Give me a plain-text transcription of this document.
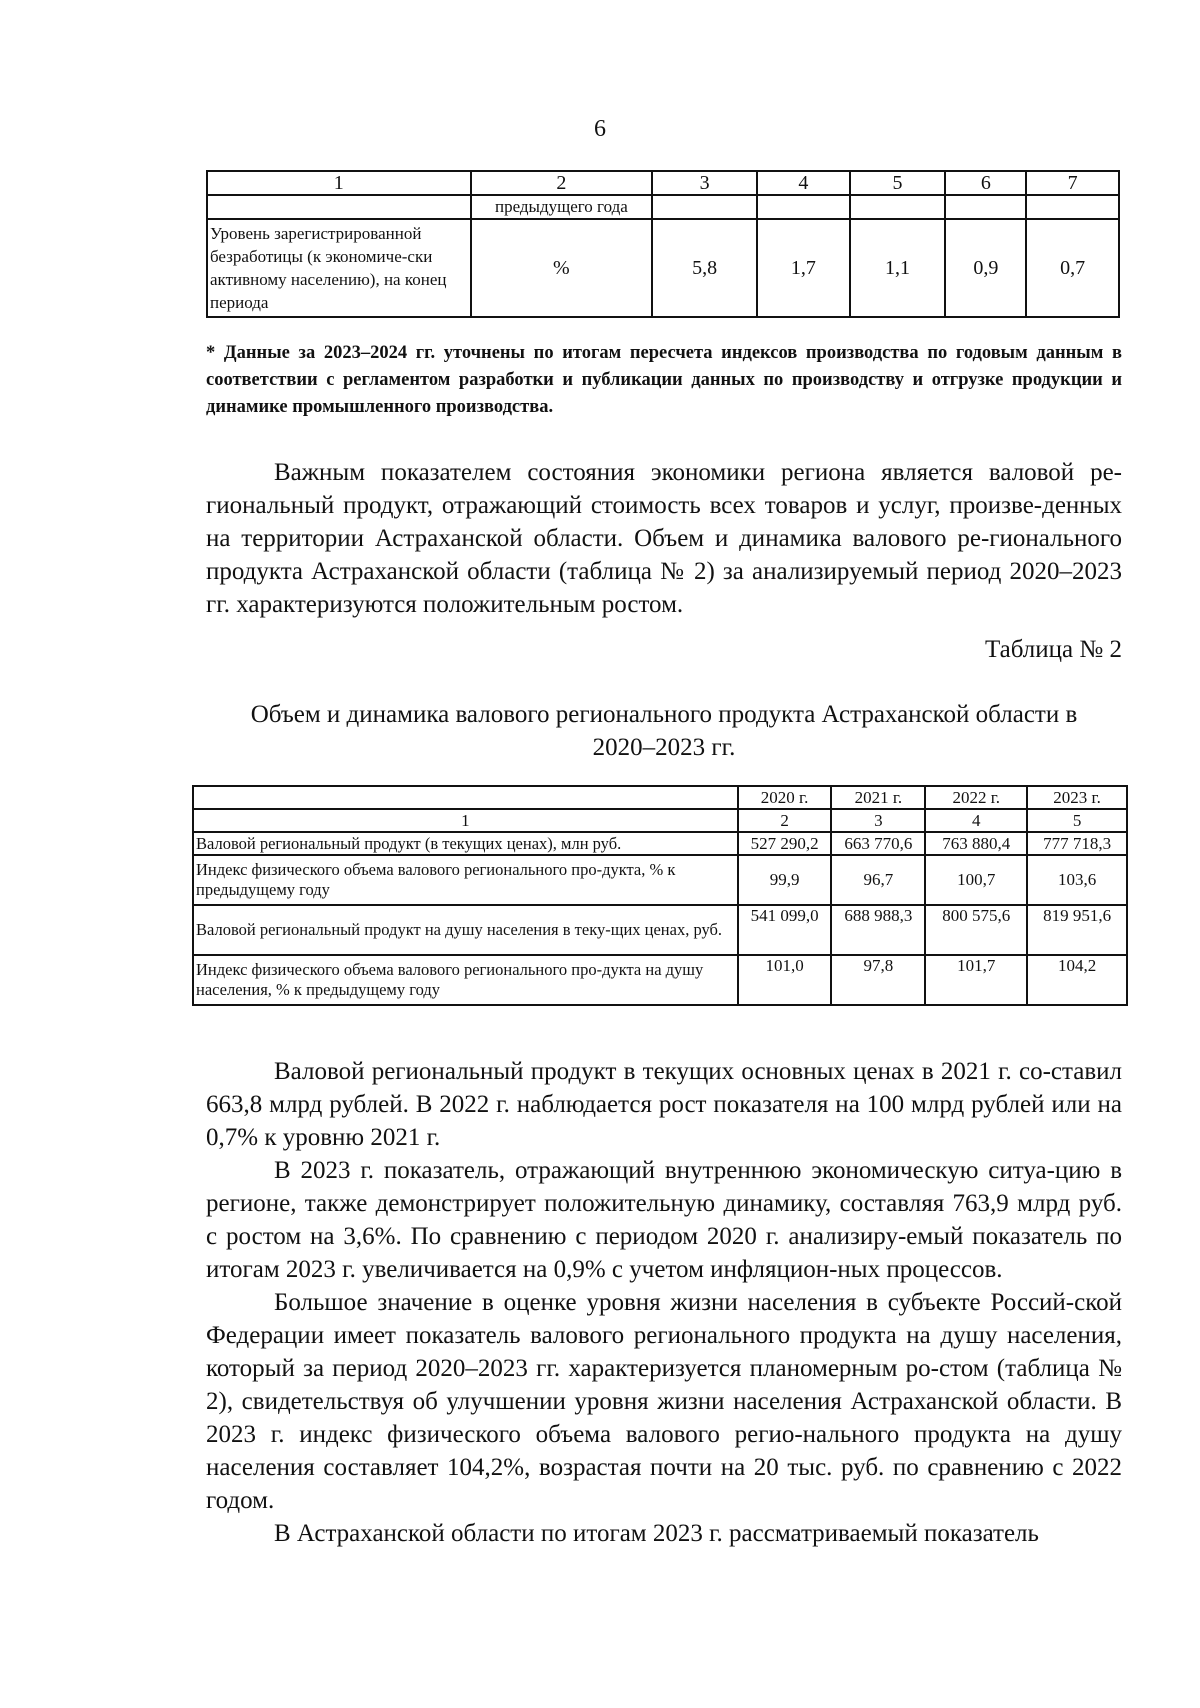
6
1	2	3	4	5	6	7
	предыдущего года					
Уровень зарегистрированной безработицы (к экономиче-ски активному населению), на конец периода	%	5,8	1,7	1,1	0,9	0,7
* Данные за 2023–2024 гг. уточнены по итогам пересчета индексов производства по годовым данным в соответствии с регламентом разработки и публикации данных по производству и отгрузке продукции и динамике промышленного производства.

Важным показателем состояния экономики региона является валовой ре-гиональный продукт, отражающий стоимость всех товаров и услуг, произве-денных на территории Астраханской области. Объем и динамика валового ре-гионального продукта Астраханской области (таблица № 2) за анализируемый период 2020–2023 гг. характеризуются положительным ростом.

Таблица № 2
Объем и динамика валового регионального продукта Астраханской области в
2020–2023 гг.
	2020 г.	2021 г.	2022 г.	2023 г.
1	2	3	4	5
Валовой региональный продукт (в текущих ценах), млн руб.	527 290,2	663 770,6	763 880,4	777 718,3
Индекс физического объема валового регионального про-дукта, % к предыдущему году	99,9	96,7	100,7	103,6
Валовой региональный продукт на душу населения в теку-щих ценах, руб.	541 099,0	688 988,3	800 575,6	819 951,6
Индекс физического объема валового регионального про-дукта на душу населения, % к предыдущему году	101,0	97,8	101,7	104,2

Валовой региональный продукт в текущих основных ценах в 2021 г. со-ставил 663,8 млрд рублей. В 2022 г. наблюдается рост показателя на 100 млрд рублей или на 0,7% к уровню 2021 г.

В 2023 г. показатель, отражающий внутреннюю экономическую ситуа-цию в регионе, также демонстрирует положительную динамику, составляя 763,9 млрд руб. с ростом на 3,6%. По сравнению с периодом 2020 г. анализиру-емый показатель по итогам 2023 г. увеличивается на 0,9% с учетом инфляцион-ных процессов.

Большое значение в оценке уровня жизни населения в субъекте Россий-ской Федерации имеет показатель валового регионального продукта на душу населения, который за период 2020–2023 гг. характеризуется планомерным ро-стом (таблица № 2), свидетельствуя об улучшении уровня жизни населения Астраханской области. В 2023 г. индекс физического объема валового регио-нального продукта на душу населения составляет 104,2%, возрастая почти на 20 тыс. руб. по сравнению с 2022 годом.

В Астраханской области по итогам 2023 г. рассматриваемый показатель
